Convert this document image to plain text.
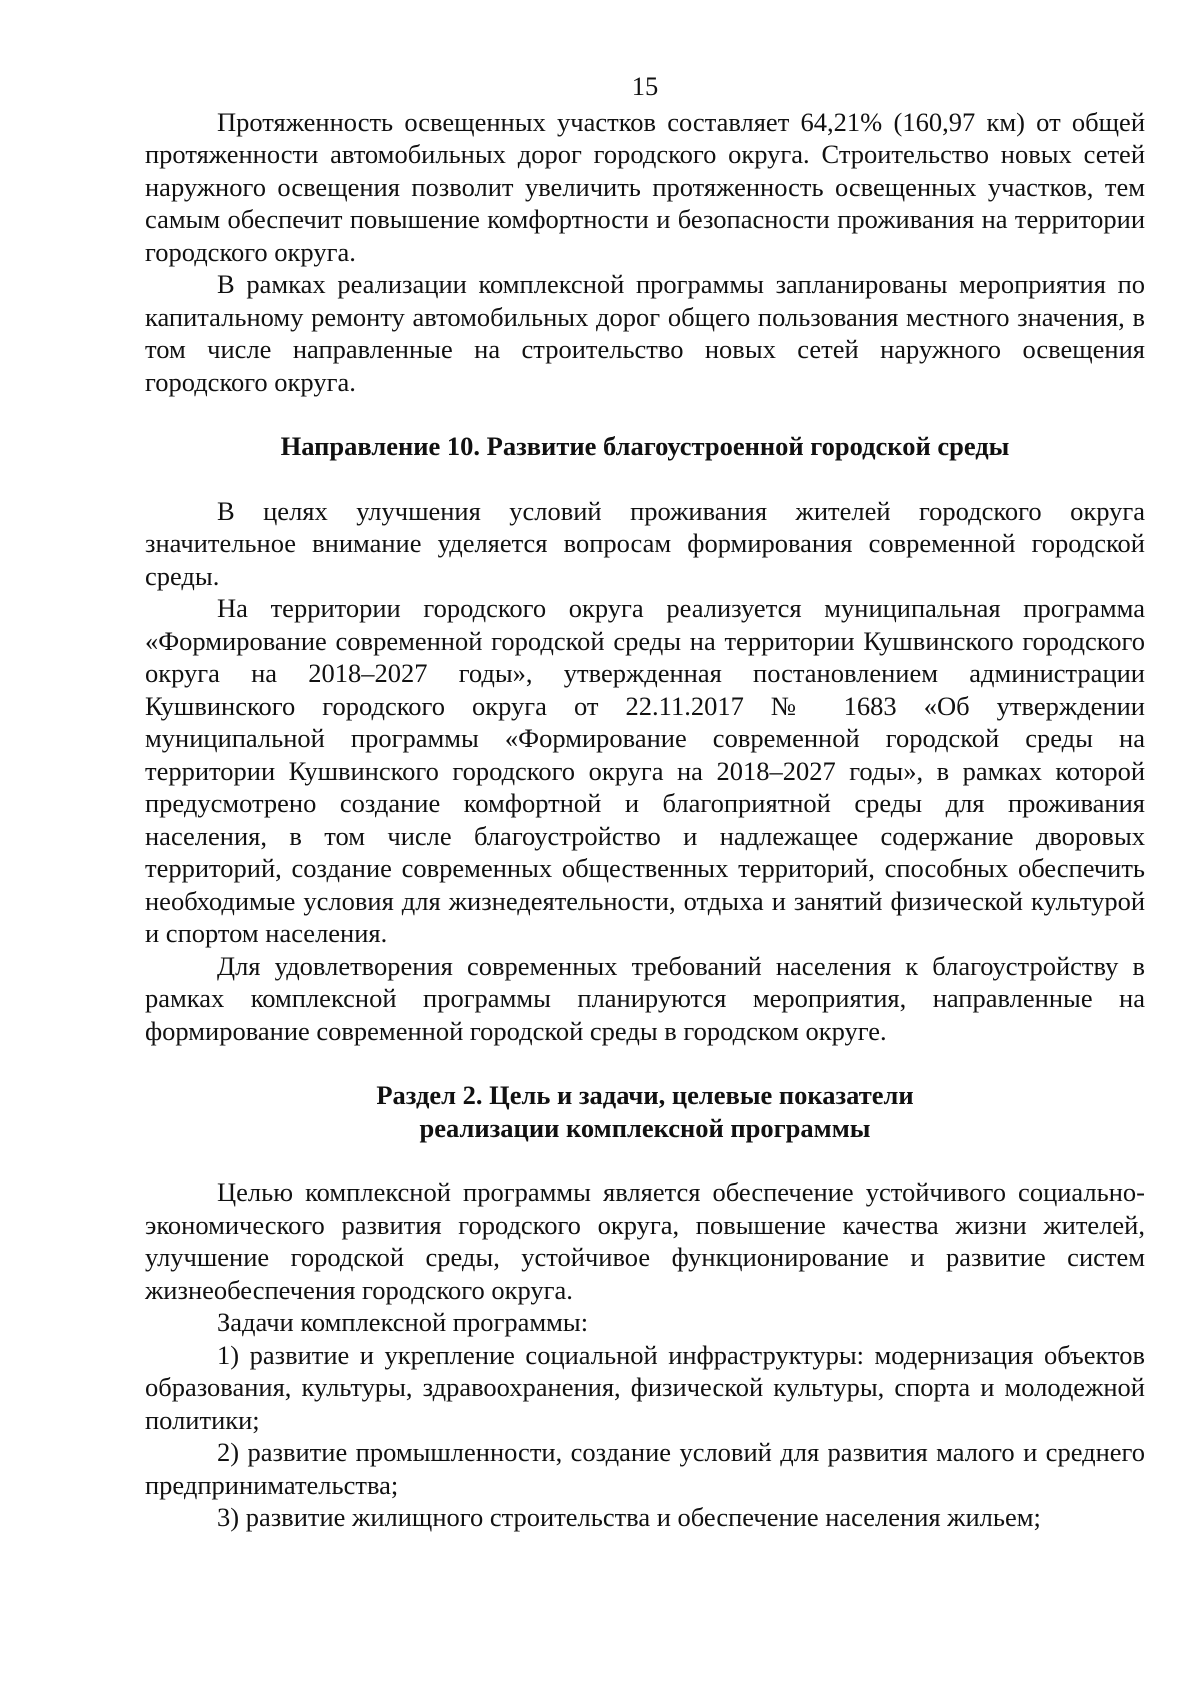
15

Протяженность освещенных участков составляет 64,21% (160,97 км) от общей протяженности автомобильных дорог городского округа. Строительство новых сетей наружного освещения позволит увеличить протяженность освещенных участков, тем самым обеспечит повышение комфортности и безопасности проживания на территории городского округа.

В рамках реализации комплексной программы запланированы мероприятия по капитальному ремонту автомобильных дорог общего пользования местного значения, в том числе направленные на строительство новых сетей наружного освещения городского округа.

Направление 10. Развитие благоустроенной городской среды

В целях улучшения условий проживания жителей городского округа значительное внимание уделяется вопросам формирования современной городской среды.

На территории городского округа реализуется муниципальная программа «Формирование современной городской среды на территории Кушвинского городского округа на 2018–2027 годы», утвержденная постановлением администрации Кушвинского городского округа от 22.11.2017 № 1683 «Об утверждении муниципальной программы «Формирование современной городской среды на территории Кушвинского городского округа на 2018–2027 годы», в рамках которой предусмотрено создание комфортной и благоприятной среды для проживания населения, в том числе благоустройство и надлежащее содержание дворовых территорий, создание современных общественных территорий, способных обеспечить необходимые условия для жизнедеятельности, отдыха и занятий физической культурой и спортом населения.

Для удовлетворения современных требований населения к благоустройству в рамках комплексной программы планируются мероприятия, направленные на формирование современной городской среды в городском округе.

Раздел 2. Цель и задачи, целевые показатели
реализации комплексной программы

Целью комплексной программы является обеспечение устойчивого социально-экономического развития городского округа, повышение качества жизни жителей, улучшение городской среды, устойчивое функционирование и развитие систем жизнеобеспечения городского округа.

Задачи комплексной программы:

1) развитие и укрепление социальной инфраструктуры: модернизация объектов образования, культуры, здравоохранения, физической культуры, спорта и молодежной политики;

2) развитие промышленности, создание условий для развития малого и среднего предпринимательства;

3) развитие жилищного строительства и обеспечение населения жильем;
